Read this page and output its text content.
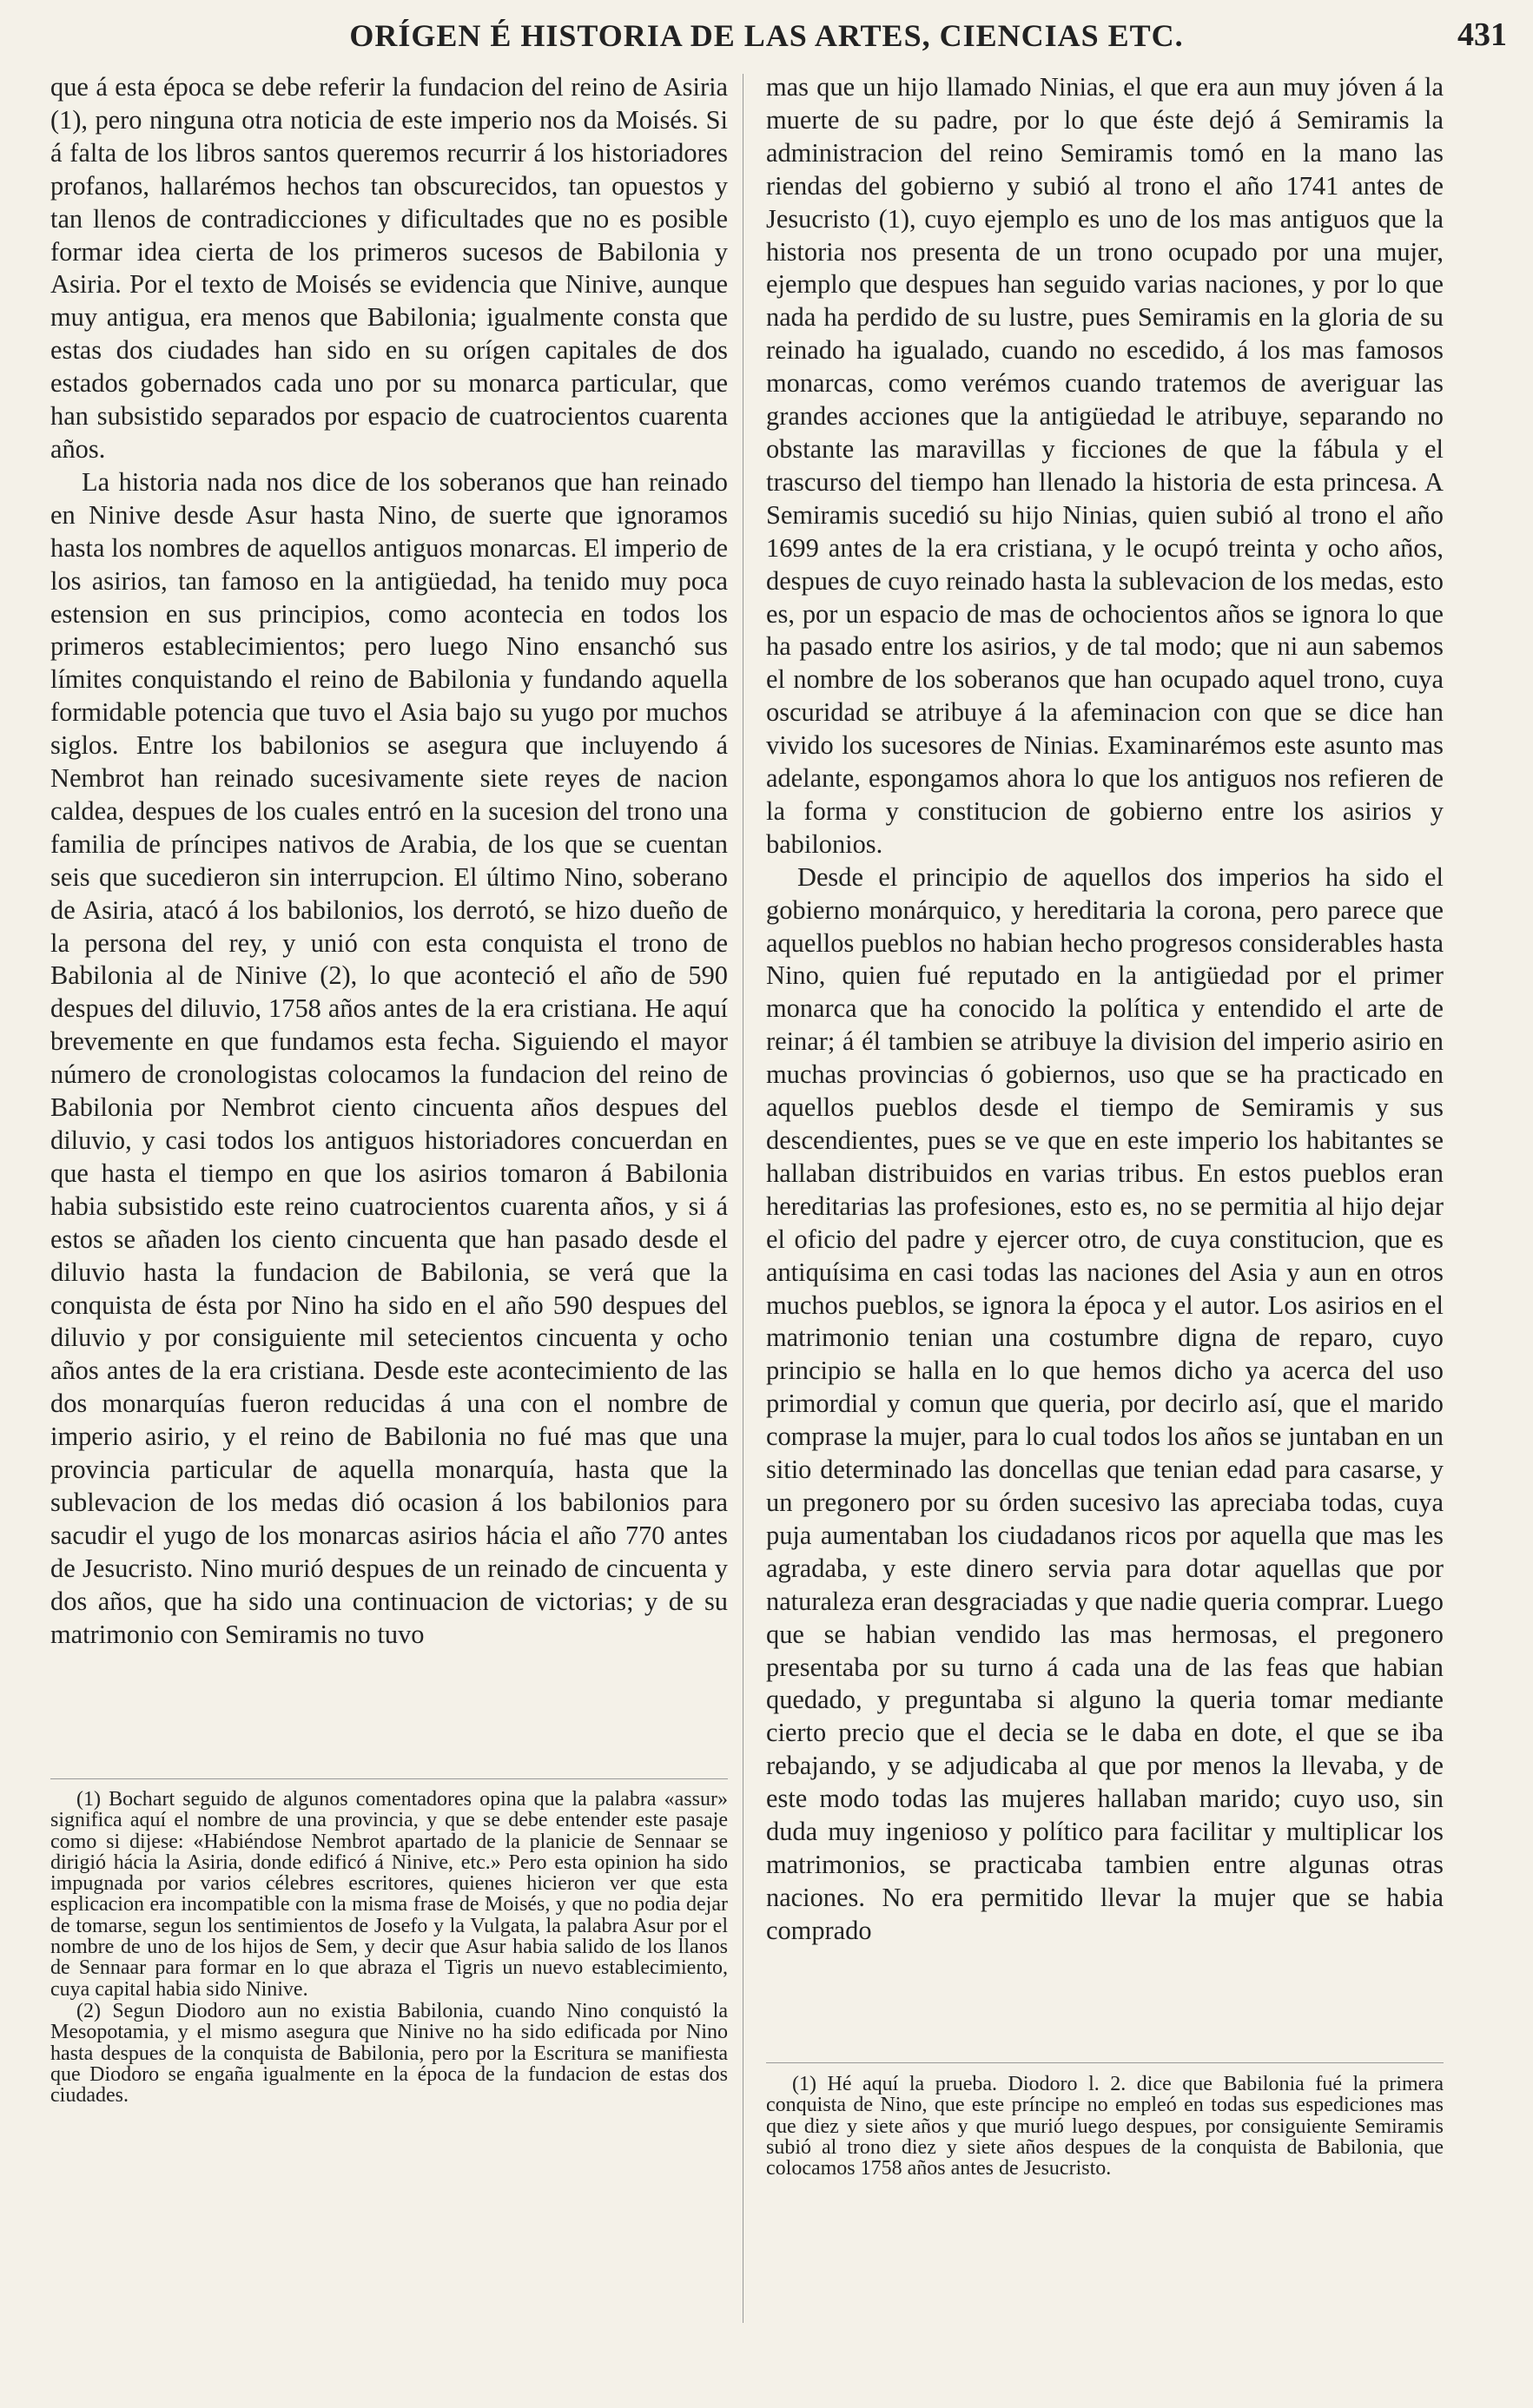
ORÍGEN É HISTORIA DE LAS ARTES, CIENCIAS ETC.	431

que á esta época se debe referir la fundacion del reino de Asiria (1), pero ninguna otra noticia de este imperio nos da Moisés. Si á falta de los libros santos queremos recurrir á los historiadores profanos, hallarémos hechos tan obscurecidos, tan opuestos y tan llenos de contradicciones y dificultades que no es posible formar idea cierta de los primeros sucesos de Babilonia y Asiria. Por el texto de Moisés se evidencia que Ninive, aunque muy antigua, era menos que Babilonia; igualmente consta que estas dos ciudades han sido en su orígen capitales de dos estados gobernados cada uno por su monarca particular, que han subsistido separados por espacio de cuatrocientos cuarenta años.

La historia nada nos dice de los soberanos que han reinado en Ninive desde Asur hasta Nino, de suerte que ignoramos hasta los nombres de aquellos antiguos monarcas. El imperio de los asirios, tan famoso en la antigüedad, ha tenido muy poca estension en sus principios, como acontecia en todos los primeros establecimientos; pero luego Nino ensanchó sus límites conquistando el reino de Babilonia y fundando aquella formidable potencia que tuvo el Asia bajo su yugo por muchos siglos. Entre los babilonios se asegura que incluyendo á Nembrot han reinado sucesivamente siete reyes de nacion caldea, despues de los cuales entró en la sucesion del trono una familia de príncipes nativos de Arabia, de los que se cuentan seis que sucedieron sin interrupcion. El último Nino, soberano de Asiria, atacó á los babilonios, los derrotó, se hizo dueño de la persona del rey, y unió con esta conquista el trono de Babilonia al de Ninive (2), lo que aconteció el año de 590 despues del diluvio, 1758 años antes de la era cristiana. He aquí brevemente en que fundamos esta fecha. Siguiendo el mayor número de cronologistas colocamos la fundacion del reino de Babilonia por Nembrot ciento cincuenta años despues del diluvio, y casi todos los antiguos historiadores concuerdan en que hasta el tiempo en que los asirios tomaron á Babilonia habia subsistido este reino cuatrocientos cuarenta años, y si á estos se añaden los ciento cincuenta que han pasado desde el diluvio hasta la fundacion de Babilonia, se verá que la conquista de ésta por Nino ha sido en el año 590 despues del diluvio y por consiguiente mil setecientos cincuenta y ocho años antes de la era cristiana. Desde este acontecimiento de las dos monarquías fueron reducidas á una con el nombre de imperio asirio, y el reino de Babilonia no fué mas que una provincia particular de aquella monarquía, hasta que la sublevacion de los medas dió ocasion á los babilonios para sacudir el yugo de los monarcas asirios hácia el año 770 antes de Jesucristo. Nino murió despues de un reinado de cincuenta y dos años, que ha sido una continuacion de victorias; y de su matrimonio con Semiramis no tuvo

mas que un hijo llamado Ninias, el que era aun muy jóven á la muerte de su padre, por lo que éste dejó á Semiramis la administracion del reino Semiramis tomó en la mano las riendas del gobierno y subió al trono el año 1741 antes de Jesucristo (1), cuyo ejemplo es uno de los mas antiguos que la historia nos presenta de un trono ocupado por una mujer, ejemplo que despues han seguido varias naciones, y por lo que nada ha perdido de su lustre, pues Semiramis en la gloria de su reinado ha igualado, cuando no escedido, á los mas famosos monarcas, como verémos cuando tratemos de averiguar las grandes acciones que la antigüedad le atribuye, separando no obstante las maravillas y ficciones de que la fábula y el trascurso del tiempo han llenado la historia de esta princesa. A Semiramis sucedió su hijo Ninias, quien subió al trono el año 1699 antes de la era cristiana, y le ocupó treinta y ocho años, despues de cuyo reinado hasta la sublevacion de los medas, esto es, por un espacio de mas de ochocientos años se ignora lo que ha pasado entre los asirios, y de tal modo; que ni aun sabemos el nombre de los soberanos que han ocupado aquel trono, cuya oscuridad se atribuye á la afeminacion con que se dice han vivido los sucesores de Ninias. Examinarémos este asunto mas adelante, espongamos ahora lo que los antiguos nos refieren de la forma y constitucion de gobierno entre los asirios y babilonios.

Desde el principio de aquellos dos imperios ha sido el gobierno monárquico, y hereditaria la corona, pero parece que aquellos pueblos no habian hecho progresos considerables hasta Nino, quien fué reputado en la antigüedad por el primer monarca que ha conocido la política y entendido el arte de reinar; á él tambien se atribuye la division del imperio asirio en muchas provincias ó gobiernos, uso que se ha practicado en aquellos pueblos desde el tiempo de Semiramis y sus descendientes, pues se ve que en este imperio los habitantes se hallaban distribuidos en varias tribus. En estos pueblos eran hereditarias las profesiones, esto es, no se permitia al hijo dejar el oficio del padre y ejercer otro, de cuya constitucion, que es antiquísima en casi todas las naciones del Asia y aun en otros muchos pueblos, se ignora la época y el autor. Los asirios en el matrimonio tenian una costumbre digna de reparo, cuyo principio se halla en lo que hemos dicho ya acerca del uso primordial y comun que queria, por decirlo así, que el marido comprase la mujer, para lo cual todos los años se juntaban en un sitio determinado las doncellas que tenian edad para casarse, y un pregonero por su órden sucesivo las apreciaba todas, cuya puja aumentaban los ciudadanos ricos por aquella que mas les agradaba, y este dinero servia para dotar aquellas que por naturaleza eran desgraciadas y que nadie queria comprar. Luego que se habian vendido las mas hermosas, el pregonero presentaba por su turno á cada una de las feas que habian quedado, y preguntaba si alguno la queria tomar mediante cierto precio que el decia se le daba en dote, el que se iba rebajando, y se adjudicaba al que por menos la llevaba, y de este modo todas las mujeres hallaban marido; cuyo uso, sin duda muy ingenioso y político para facilitar y multiplicar los matrimonios, se practicaba tambien entre algunas otras naciones. No era permitido llevar la mujer que se habia comprado

(1) Bochart seguido de algunos comentadores opina que la palabra «assur» significa aquí el nombre de una provincia, y que se debe entender este pasaje como si dijese: «Habiéndose Nembrot apartado de la planicie de Sennaar se dirigió hácia la Asiria, donde edificó á Ninive, etc.» Pero esta opinion ha sido impugnada por varios célebres escritores, quienes hicieron ver que esta esplicacion era incompatible con la misma frase de Moisés, y que no podia dejar de tomarse, segun los sentimientos de Josefo y la Vulgata, la palabra Asur por el nombre de uno de los hijos de Sem, y decir que Asur habia salido de los llanos de Sennaar para formar en lo que abraza el Tigris un nuevo establecimiento, cuya capital habia sido Ninive.

(2) Segun Diodoro aun no existia Babilonia, cuando Nino conquistó la Mesopotamia, y el mismo asegura que Ninive no ha sido edificada por Nino hasta despues de la conquista de Babilonia, pero por la Escritura se manifiesta que Diodoro se engaña igualmente en la época de la fundacion de estas dos ciudades.

(1) Hé aquí la prueba. Diodoro l. 2. dice que Babilonia fué la primera conquista de Nino, que este príncipe no empleó en todas sus espediciones mas que diez y siete años y que murió luego despues, por consiguiente Semiramis subió al trono diez y siete años despues de la conquista de Babilonia, que colocamos 1758 años antes de Jesucristo.
